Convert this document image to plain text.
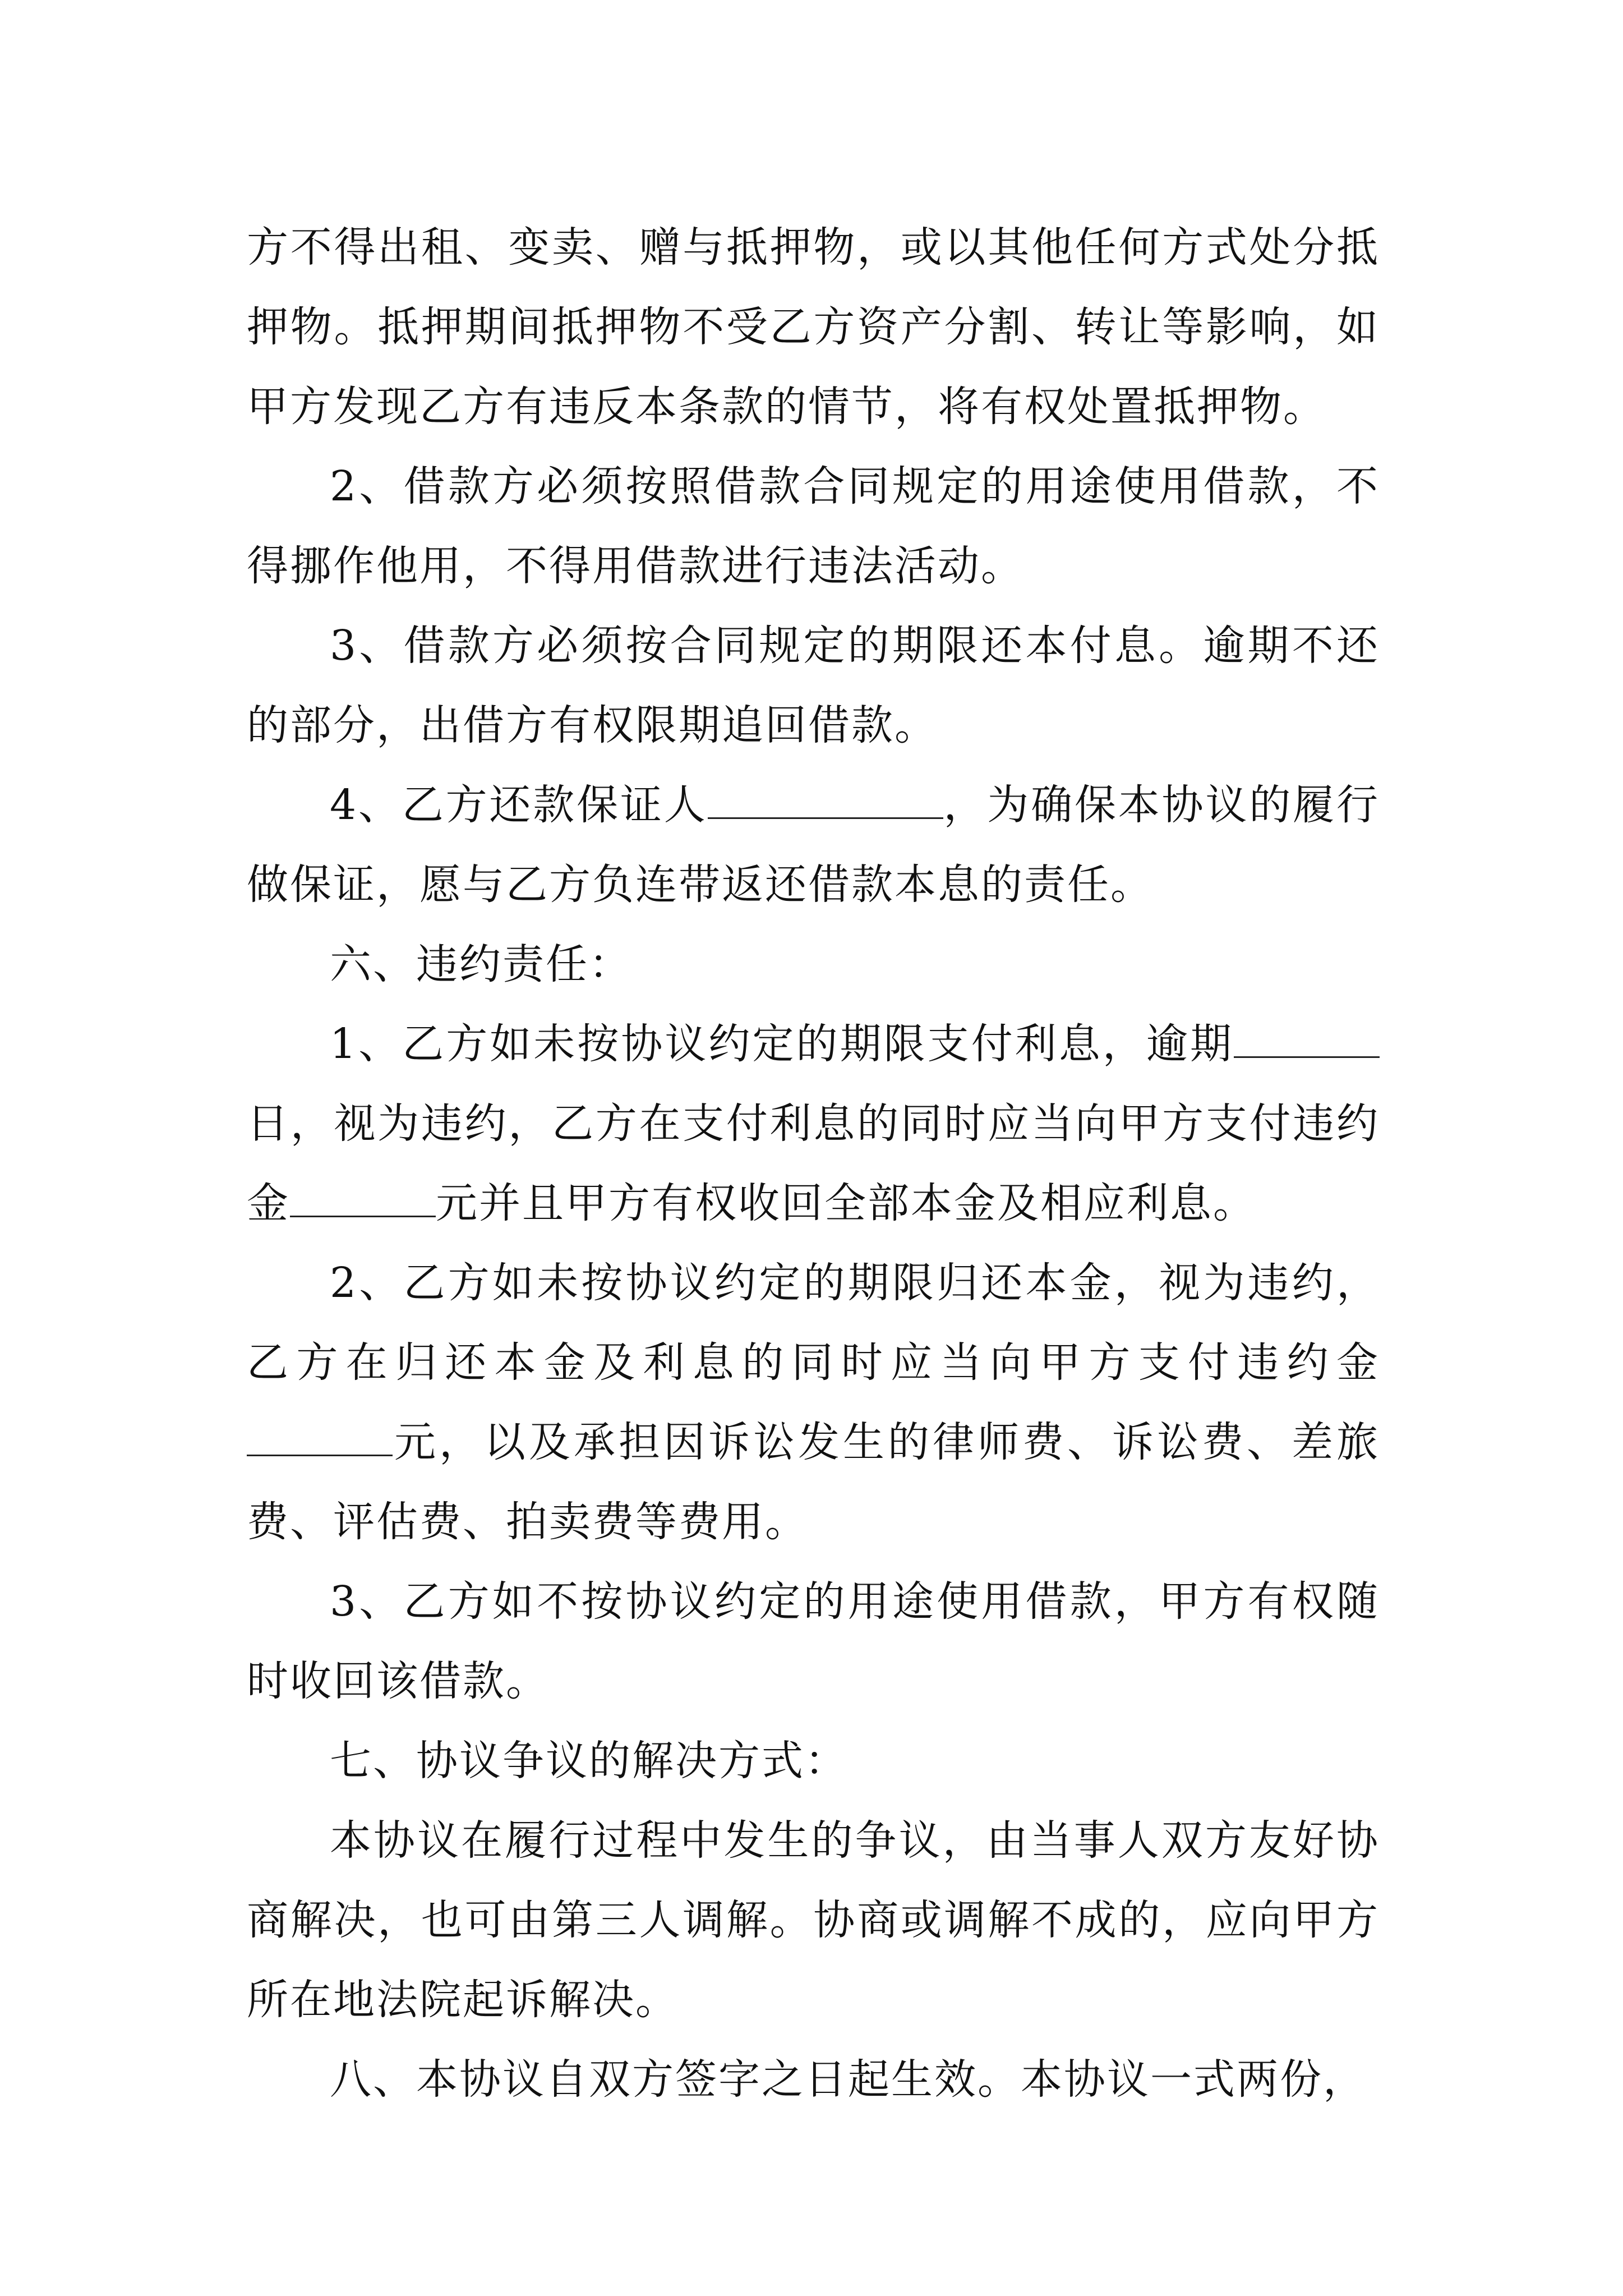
方不得出租、变卖、赠与抵押物，或以其他任何方式处分抵押物。抵押期间抵押物不受乙方资产分割、转让等影响，如甲方发现乙方有违反本条款的情节，将有权处置抵押物。

2、借款方必须按照借款合同规定的用途使用借款，不得挪作他用，不得用借款进行违法活动。

3、借款方必须按合同规定的期限还本付息。逾期不还的部分，出借方有权限期追回借款。

4、乙方还款保证人	，为确保本协议的履行做保证，愿与乙方负连带返还借款本息的责任。

六、违约责任：

1、乙方如未按协议约定的期限支付利息，逾期日，视为违约，乙方在支付利息的同时应当向甲方支付违约金	元并且甲方有权收回全部本金及相应利息。

2、乙方如未按协议约定的期限归还本金，视为违约，乙方在归还本金及利息的同时应当向甲方支付违约金元，以及承担因诉讼发生的律师费、诉讼费、差旅费、评估费、拍卖费等费用。

3、乙方如不按协议约定的用途使用借款，甲方有权随时收回该借款。

七、协议争议的解决方式：

本协议在履行过程中发生的争议，由当事人双方友好协商解决，也可由第三人调解。协商或调解不成的，应向甲方所在地法院起诉解决。

八、本协议自双方签字之日起生效。本协议一式两份，
